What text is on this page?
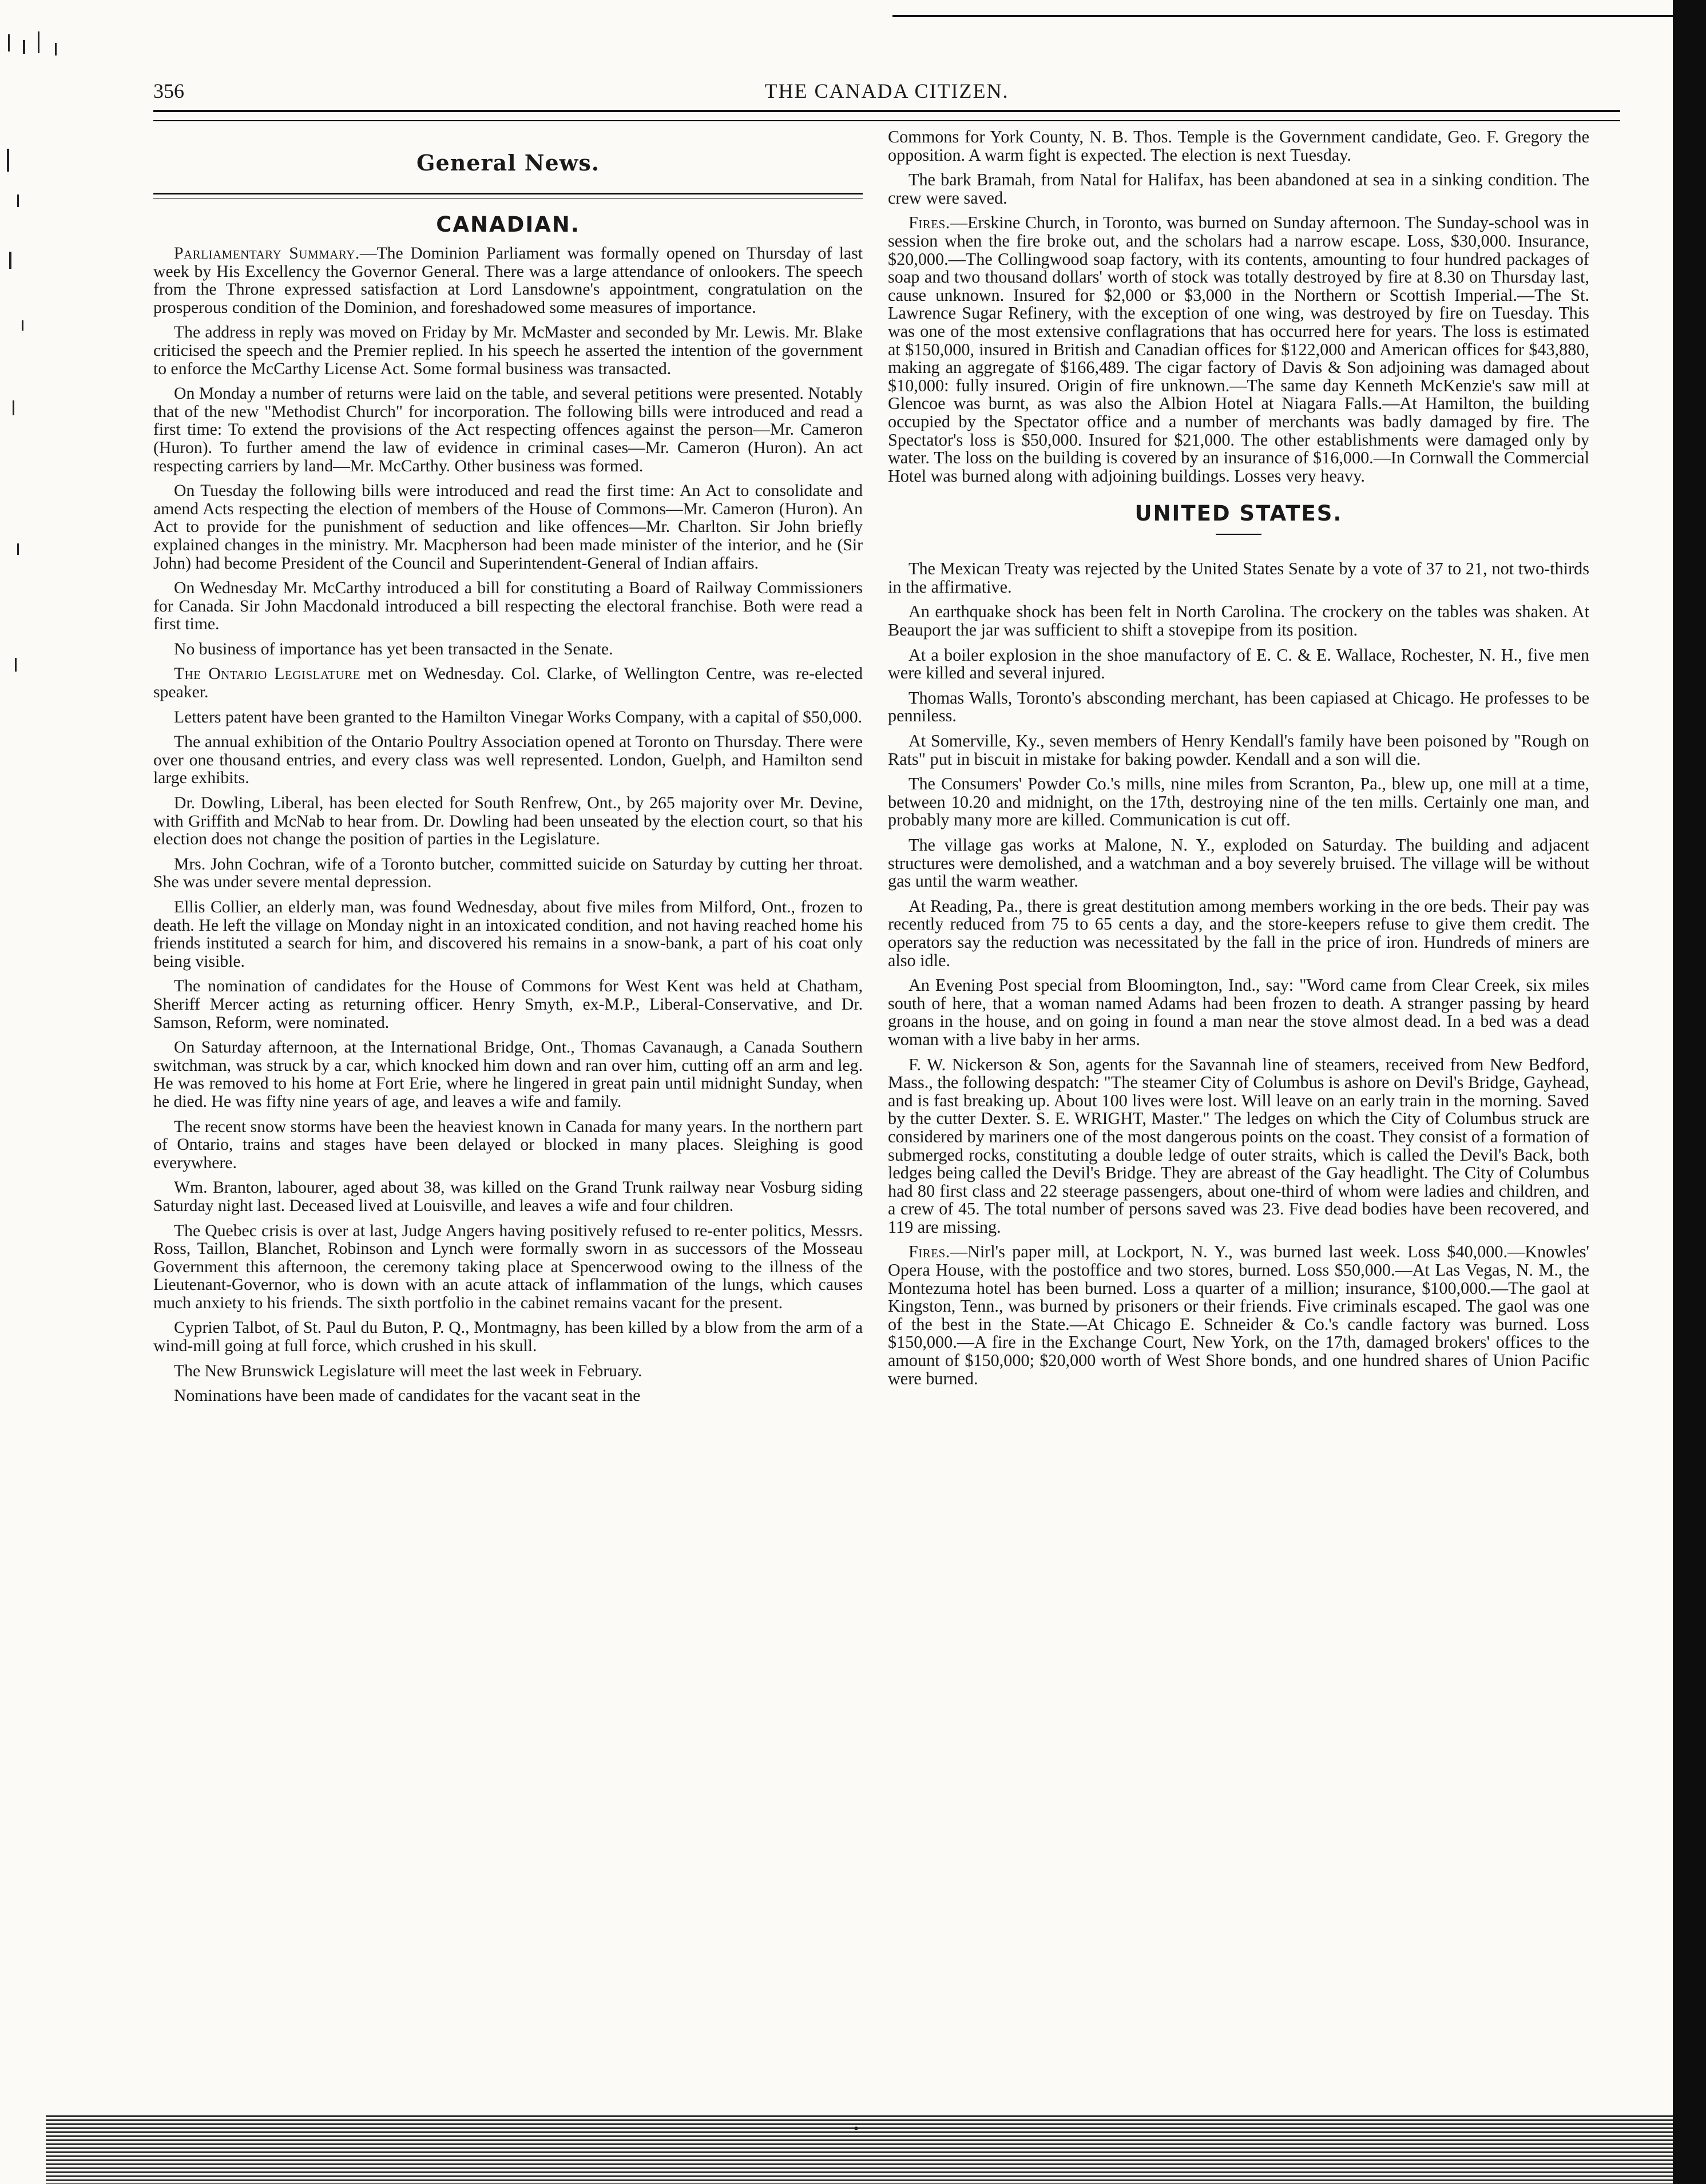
356	THE CANADA CITIZEN.
General News.
CANADIAN.

Parliamentary Summary.—The Dominion Parliament was formally opened on Thursday of last week by His Excellency the Governor General. There was a large attendance of onlookers. The speech from the Throne expressed satisfaction at Lord Lansdowne's appointment, congratulation on the prosperous condition of the Dominion, and foreshadowed some measures of importance.

The address in reply was moved on Friday by Mr. McMaster and seconded by Mr. Lewis. Mr. Blake criticised the speech and the Premier replied. In his speech he asserted the intention of the government to enforce the McCarthy License Act. Some formal business was transacted.

On Monday a number of returns were laid on the table, and several petitions were presented. Notably that of the new "Methodist Church" for incorporation. The following bills were introduced and read a first time: To extend the provisions of the Act respecting offences against the person—Mr. Cameron (Huron). To further amend the law of evidence in criminal cases—Mr. Cameron (Huron). An act respecting carriers by land—Mr. McCarthy. Other business was formed.

On Tuesday the following bills were introduced and read the first time: An Act to consolidate and amend Acts respecting the election of members of the House of Commons—Mr. Cameron (Huron). An Act to provide for the punishment of seduction and like offences—Mr. Charlton. Sir John briefly explained changes in the ministry. Mr. Macpherson had been made minister of the interior, and he (Sir John) had become President of the Council and Superintendent-General of Indian affairs.

On Wednesday Mr. McCarthy introduced a bill for constituting a Board of Railway Commissioners for Canada. Sir John Macdonald introduced a bill respecting the electoral franchise. Both were read a first time.

No business of importance has yet been transacted in the Senate.

The Ontario Legislature met on Wednesday. Col. Clarke, of Wellington Centre, was re-elected speaker.

Letters patent have been granted to the Hamilton Vinegar Works Company, with a capital of $50,000.

The annual exhibition of the Ontario Poultry Association opened at Toronto on Thursday. There were over one thousand entries, and every class was well represented. London, Guelph, and Hamilton send large exhibits.

Dr. Dowling, Liberal, has been elected for South Renfrew, Ont., by 265 majority over Mr. Devine, with Griffith and McNab to hear from. Dr. Dowling had been unseated by the election court, so that his election does not change the position of parties in the Legislature.

Mrs. John Cochran, wife of a Toronto butcher, committed suicide on Saturday by cutting her throat. She was under severe mental depression.

Ellis Collier, an elderly man, was found Wednesday, about five miles from Milford, Ont., frozen to death. He left the village on Monday night in an intoxicated condition, and not having reached home his friends instituted a search for him, and discovered his remains in a snow-bank, a part of his coat only being visible.

The nomination of candidates for the House of Commons for West Kent was held at Chatham, Sheriff Mercer acting as returning officer. Henry Smyth, ex-M.P., Liberal-Conservative, and Dr. Samson, Reform, were nominated.

On Saturday afternoon, at the International Bridge, Ont., Thomas Cavanaugh, a Canada Southern switchman, was struck by a car, which knocked him down and ran over him, cutting off an arm and leg. He was removed to his home at Fort Erie, where he lingered in great pain until midnight Sunday, when he died. He was fifty nine years of age, and leaves a wife and family.

The recent snow storms have been the heaviest known in Canada for many years. In the northern part of Ontario, trains and stages have been delayed or blocked in many places. Sleighing is good everywhere.

Wm. Branton, labourer, aged about 38, was killed on the Grand Trunk railway near Vosburg siding Saturday night last. Deceased lived at Louisville, and leaves a wife and four children.

The Quebec crisis is over at last, Judge Angers having positively refused to re-enter politics, Messrs. Ross, Taillon, Blanchet, Robinson and Lynch were formally sworn in as successors of the Mosseau Government this afternoon, the ceremony taking place at Spencerwood owing to the illness of the Lieutenant-Governor, who is down with an acute attack of inflammation of the lungs, which causes much anxiety to his friends. The sixth portfolio in the cabinet remains vacant for the present.

Cyprien Talbot, of St. Paul du Buton, P. Q., Montmagny, has been killed by a blow from the arm of a wind-mill going at full force, which crushed in his skull.

The New Brunswick Legislature will meet the last week in February.

Nominations have been made of candidates for the vacant seat in the

Commons for York County, N. B. Thos. Temple is the Government candidate, Geo. F. Gregory the opposition. A warm fight is expected. The election is next Tuesday.

The bark Bramah, from Natal for Halifax, has been abandoned at sea in a sinking condition. The crew were saved.

Fires.—Erskine Church, in Toronto, was burned on Sunday afternoon. The Sunday-school was in session when the fire broke out, and the scholars had a narrow escape. Loss, $30,000. Insurance, $20,000.—The Collingwood soap factory, with its contents, amounting to four hundred packages of soap and two thousand dollars' worth of stock was totally destroyed by fire at 8.30 on Thursday last, cause unknown. Insured for $2,000 or $3,000 in the Northern or Scottish Imperial.—The St. Lawrence Sugar Refinery, with the exception of one wing, was destroyed by fire on Tuesday. This was one of the most extensive conflagrations that has occurred here for years. The loss is estimated at $150,000, insured in British and Canadian offices for $122,000 and American offices for $43,880, making an aggregate of $166,489. The cigar factory of Davis & Son adjoining was damaged about $10,000: fully insured. Origin of fire unknown.—The same day Kenneth McKenzie's saw mill at Glencoe was burnt, as was also the Albion Hotel at Niagara Falls.—At Hamilton, the building occupied by the Spectator office and a number of merchants was badly damaged by fire. The Spectator's loss is $50,000. Insured for $21,000. The other establishments were damaged only by water. The loss on the building is covered by an insurance of $16,000.—In Cornwall the Commercial Hotel was burned along with adjoining buildings. Losses very heavy.

UNITED STATES.

The Mexican Treaty was rejected by the United States Senate by a vote of 37 to 21, not two-thirds in the affirmative.

An earthquake shock has been felt in North Carolina. The crockery on the tables was shaken. At Beauport the jar was sufficient to shift a stovepipe from its position.

At a boiler explosion in the shoe manufactory of E. C. & E. Wallace, Rochester, N. H., five men were killed and several injured.

Thomas Walls, Toronto's absconding merchant, has been capiased at Chicago. He professes to be penniless.

At Somerville, Ky., seven members of Henry Kendall's family have been poisoned by "Rough on Rats" put in biscuit in mistake for baking powder. Kendall and a son will die.

The Consumers' Powder Co.'s mills, nine miles from Scranton, Pa., blew up, one mill at a time, between 10.20 and midnight, on the 17th, destroying nine of the ten mills. Certainly one man, and probably many more are killed. Communication is cut off.

The village gas works at Malone, N. Y., exploded on Saturday. The building and adjacent structures were demolished, and a watchman and a boy severely bruised. The village will be without gas until the warm weather.

At Reading, Pa., there is great destitution among members working in the ore beds. Their pay was recently reduced from 75 to 65 cents a day, and the store-keepers refuse to give them credit. The operators say the reduction was necessitated by the fall in the price of iron. Hundreds of miners are also idle.

An Evening Post special from Bloomington, Ind., say: "Word came from Clear Creek, six miles south of here, that a woman named Adams had been frozen to death. A stranger passing by heard groans in the house, and on going in found a man near the stove almost dead. In a bed was a dead woman with a live baby in her arms.

F. W. Nickerson & Son, agents for the Savannah line of steamers, received from New Bedford, Mass., the following despatch: "The steamer City of Columbus is ashore on Devil's Bridge, Gayhead, and is fast breaking up. About 100 lives were lost. Will leave on an early train in the morning. Saved by the cutter Dexter. S. E. WRIGHT, Master." The ledges on which the City of Columbus struck are considered by mariners one of the most dangerous points on the coast. They consist of a formation of submerged rocks, constituting a double ledge of outer straits, which is called the Devil's Back, both ledges being called the Devil's Bridge. They are abreast of the Gay headlight. The City of Columbus had 80 first class and 22 steerage passengers, about one-third of whom were ladies and children, and a crew of 45. The total number of persons saved was 23. Five dead bodies have been recovered, and 119 are missing.

Fires.—Nirl's paper mill, at Lockport, N. Y., was burned last week. Loss $40,000.—Knowles' Opera House, with the postoffice and two stores, burned. Loss $50,000.—At Las Vegas, N. M., the Montezuma hotel has been burned. Loss a quarter of a million; insurance, $100,000.—The gaol at Kingston, Tenn., was burned by prisoners or their friends. Five criminals escaped. The gaol was one of the best in the State.—At Chicago E. Schneider & Co.'s candle factory was burned. Loss $150,000.—A fire in the Exchange Court, New York, on the 17th, damaged brokers' offices to the amount of $150,000; $20,000 worth of West Shore bonds, and one hundred shares of Union Pacific were burned.

•
